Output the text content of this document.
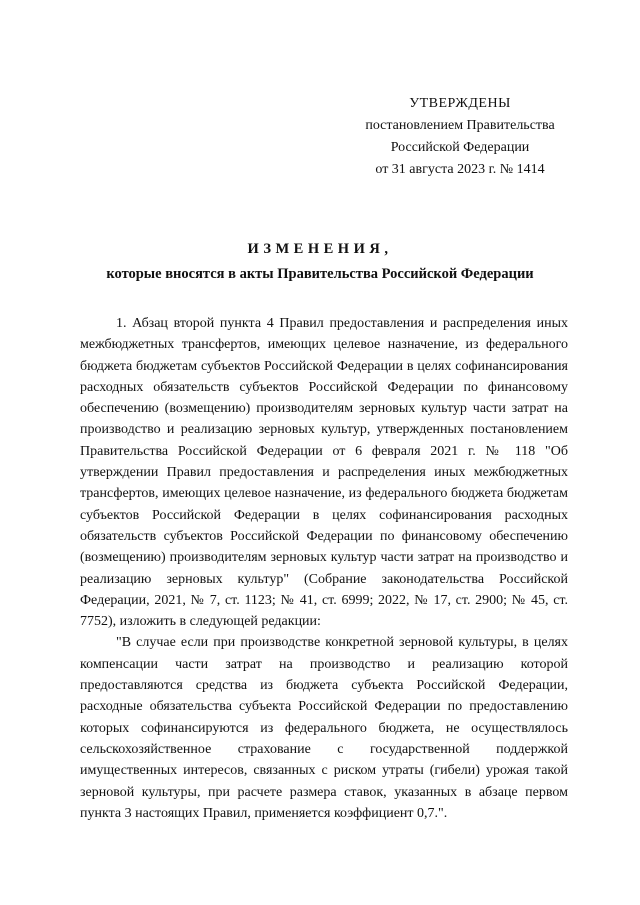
УТВЕРЖДЕНЫ
постановлением Правительства
Российской Федерации
от 31 августа 2023 г. № 1414
ИЗМЕНЕНИЯ,
которые вносятся в акты Правительства Российской Федерации

1. Абзац второй пункта 4 Правил предоставления и распределения иных межбюджетных трансфертов, имеющих целевое назначение, из федерального бюджета бюджетам субъектов Российской Федерации в целях софинансирования расходных обязательств субъектов Российской Федерации по финансовому обеспечению (возмещению) производителям зерновых культур части затрат на производство и реализацию зерновых культур, утвержденных постановлением Правительства Российской Федерации от 6 февраля 2021 г. № 118 "Об утверждении Правил предоставления и распределения иных межбюджетных трансфертов, имеющих целевое назначение, из федерального бюджета бюджетам субъектов Российской Федерации в целях софинансирования расходных обязательств субъектов Российской Федерации по финансовому обеспечению (возмещению) производителям зерновых культур части затрат на производство и реализацию зерновых культур" (Собрание законодательства Российской Федерации, 2021, № 7, ст. 1123; № 41, ст. 6999; 2022, № 17, ст. 2900; № 45, ст. 7752), изложить в следующей редакции:

"В случае если при производстве конкретной зерновой культуры, в целях компенсации части затрат на производство и реализацию которой предоставляются средства из бюджета субъекта Российской Федерации, расходные обязательства субъекта Российской Федерации по предоставлению которых софинансируются из федерального бюджета, не осуществлялось сельскохозяйственное страхование с государственной поддержкой имущественных интересов, связанных с риском утраты (гибели) урожая такой зерновой культуры, при расчете размера ставок, указанных в абзаце первом пункта 3 настоящих Правил, применяется коэффициент 0,7.".
